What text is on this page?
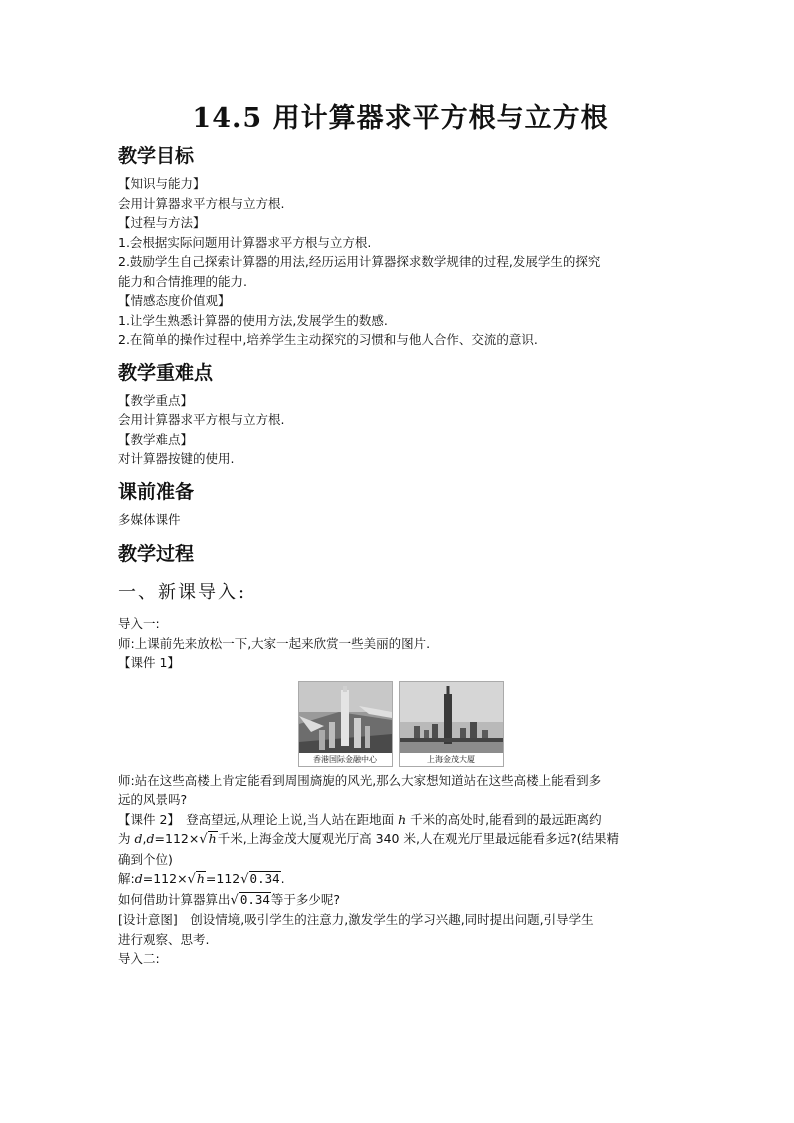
14.5 用计算器求平方根与立方根
教学目标

【知识与能力】

会用计算器求平方根与立方根.

【过程与方法】

1.会根据实际问题用计算器求平方根与立方根.

2.鼓励学生自己探索计算器的用法,经历运用计算器探求数学规律的过程,发展学生的探究

能力和合情推理的能力.

【情感态度价值观】

1.让学生熟悉计算器的使用方法,发展学生的数感.

2.在简单的操作过程中,培养学生主动探究的习惯和与他人合作、交流的意识.

教学重难点

【教学重点】

会用计算器求平方根与立方根.

【教学难点】

对计算器按键的使用.

课前准备

多媒体课件

教学过程
一、新课导入:

导入一:

师:上课前先来放松一下,大家一起来欣赏一些美丽的图片.

【课件 1】

香港国际金融中心	上海金茂大厦

师:站在这些高楼上肯定能看到周围旖旎的风光,那么大家想知道站在这些高楼上能看到多

远的风景吗?

【课件 2】　登高望远,从理论上说,当人站在距地面 h 千米的高处时,能看到的最远距离约

为 d,d=112×√h千米,上海金茂大厦观光厅高 340 米,人在观光厅里最远能看多远?(结果精

确到个位)

解:d=112×√h=112√0.34.

如何借助计算器算出√0.34等于多少呢?

[设计意图]　创设情境,吸引学生的注意力,激发学生的学习兴趣,同时提出问题,引导学生

进行观察、思考.

导入二:
